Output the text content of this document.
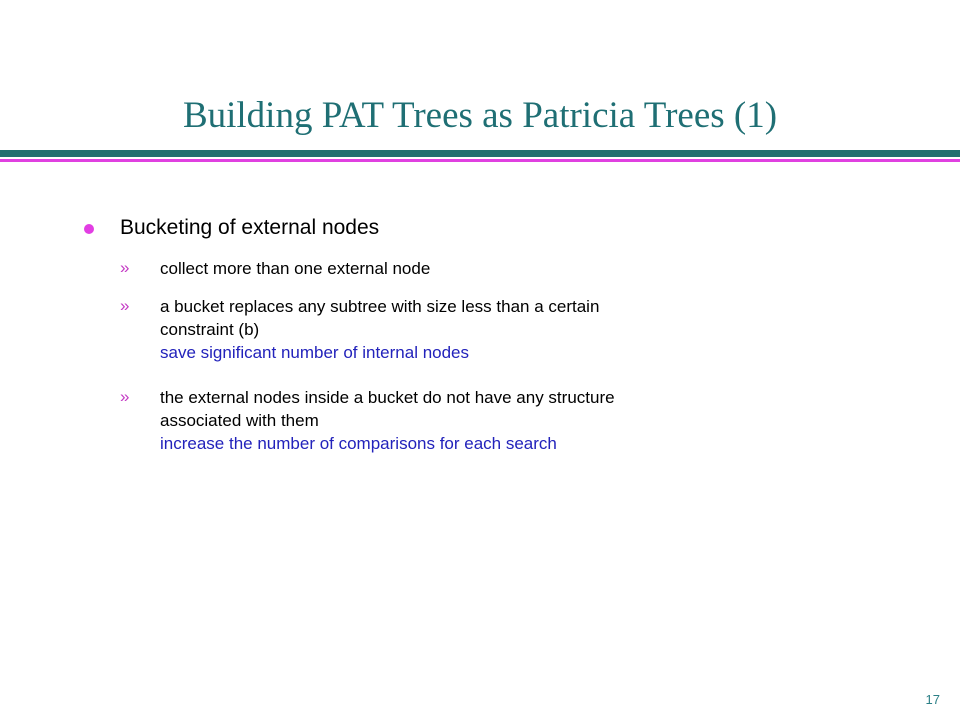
Building PAT Trees as Patricia Trees (1)
Bucketing of external nodes
» collect more than one external node
» a bucket replaces any subtree with size less than a certain
constraint (b)
save significant number of internal nodes
» the external nodes inside a bucket do not have any structure
associated with them
increase the number of comparisons for each search
17
